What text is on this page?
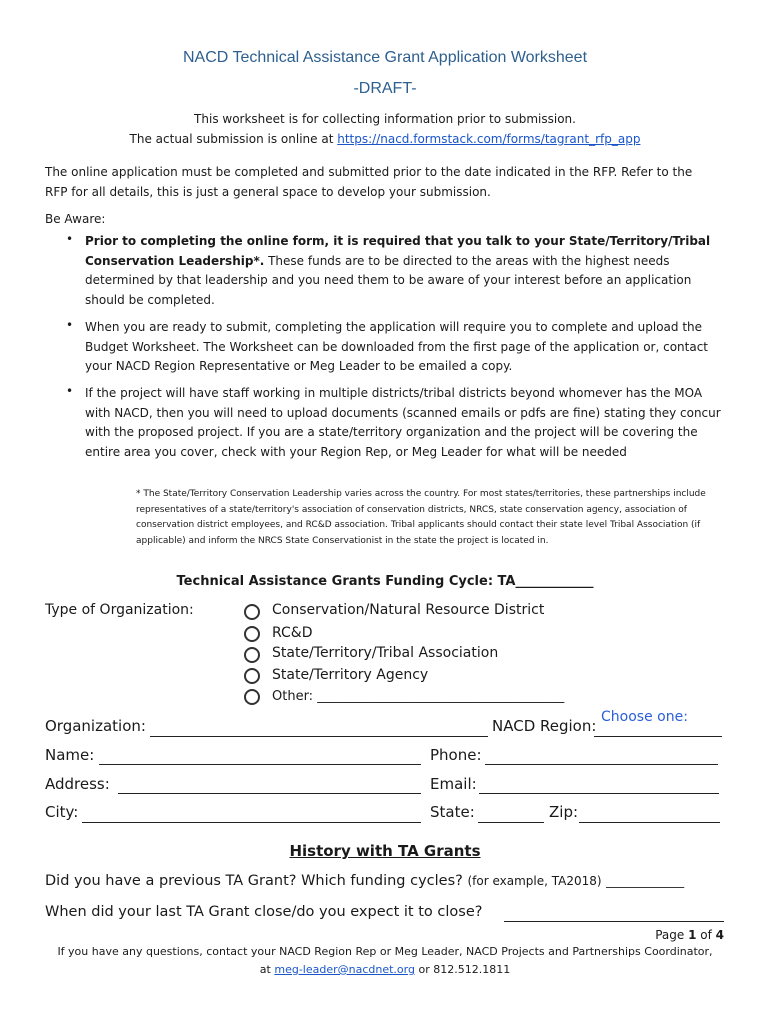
NACD Technical Assistance Grant Application Worksheet
-DRAFT-
This worksheet is for collecting information prior to submission.
The actual submission is online at https://nacd.formstack.com/forms/tagrant_rfp_app
The online application must be completed and submitted prior to the date indicated in the RFP. Refer to the RFP for all details, this is just a general space to develop your submission.
Be Aware:
• Prior to completing the online form, it is required that you talk to your State/Territory/Tribal Conservation Leadership*. These funds are to be directed to the areas with the highest needs determined by that leadership and you need them to be aware of your interest before an application should be completed.
• When you are ready to submit, completing the application will require you to complete and upload the Budget Worksheet. The Worksheet can be downloaded from the first page of the application or, contact your NACD Region Representative or Meg Leader to be emailed a copy.
• If the project will have staff working in multiple districts/tribal districts beyond whomever has the MOA with NACD, then you will need to upload documents (scanned emails or pdfs are fine) stating they concur with the proposed project. If you are a state/territory organization and the project will be covering the entire area you cover, check with your Region Rep, or Meg Leader for what will be needed
* The State/Territory Conservation Leadership varies across the country. For most states/territories, these partnerships include representatives of a state/territory's association of conservation districts, NRCS, state conservation agency, association of conservation district employees, and RC&D association. Tribal applicants should contact their state level Tribal Association (if applicable) and inform the NRCS State Conservationist in the state the project is located in.
Technical Assistance Grants Funding Cycle: TA____________
Type of Organization:	Conservation/Natural Resource District
RC&D
State/Territory/Tribal Association
State/Territory Agency
Other: ______________________________________
Organization:	NACD Region: Choose one:
Name:	Phone:
Address:	Email:
City:	State:	Zip:
History with TA Grants
Did you have a previous TA Grant? Which funding cycles? (for example, TA2018) _____________
When did your last TA Grant close/do you expect it to close?
Page 1 of 4
If you have any questions, contact your NACD Region Rep or Meg Leader, NACD Projects and Partnerships Coordinator,
at meg-leader@nacdnet.org or 812.512.1811
